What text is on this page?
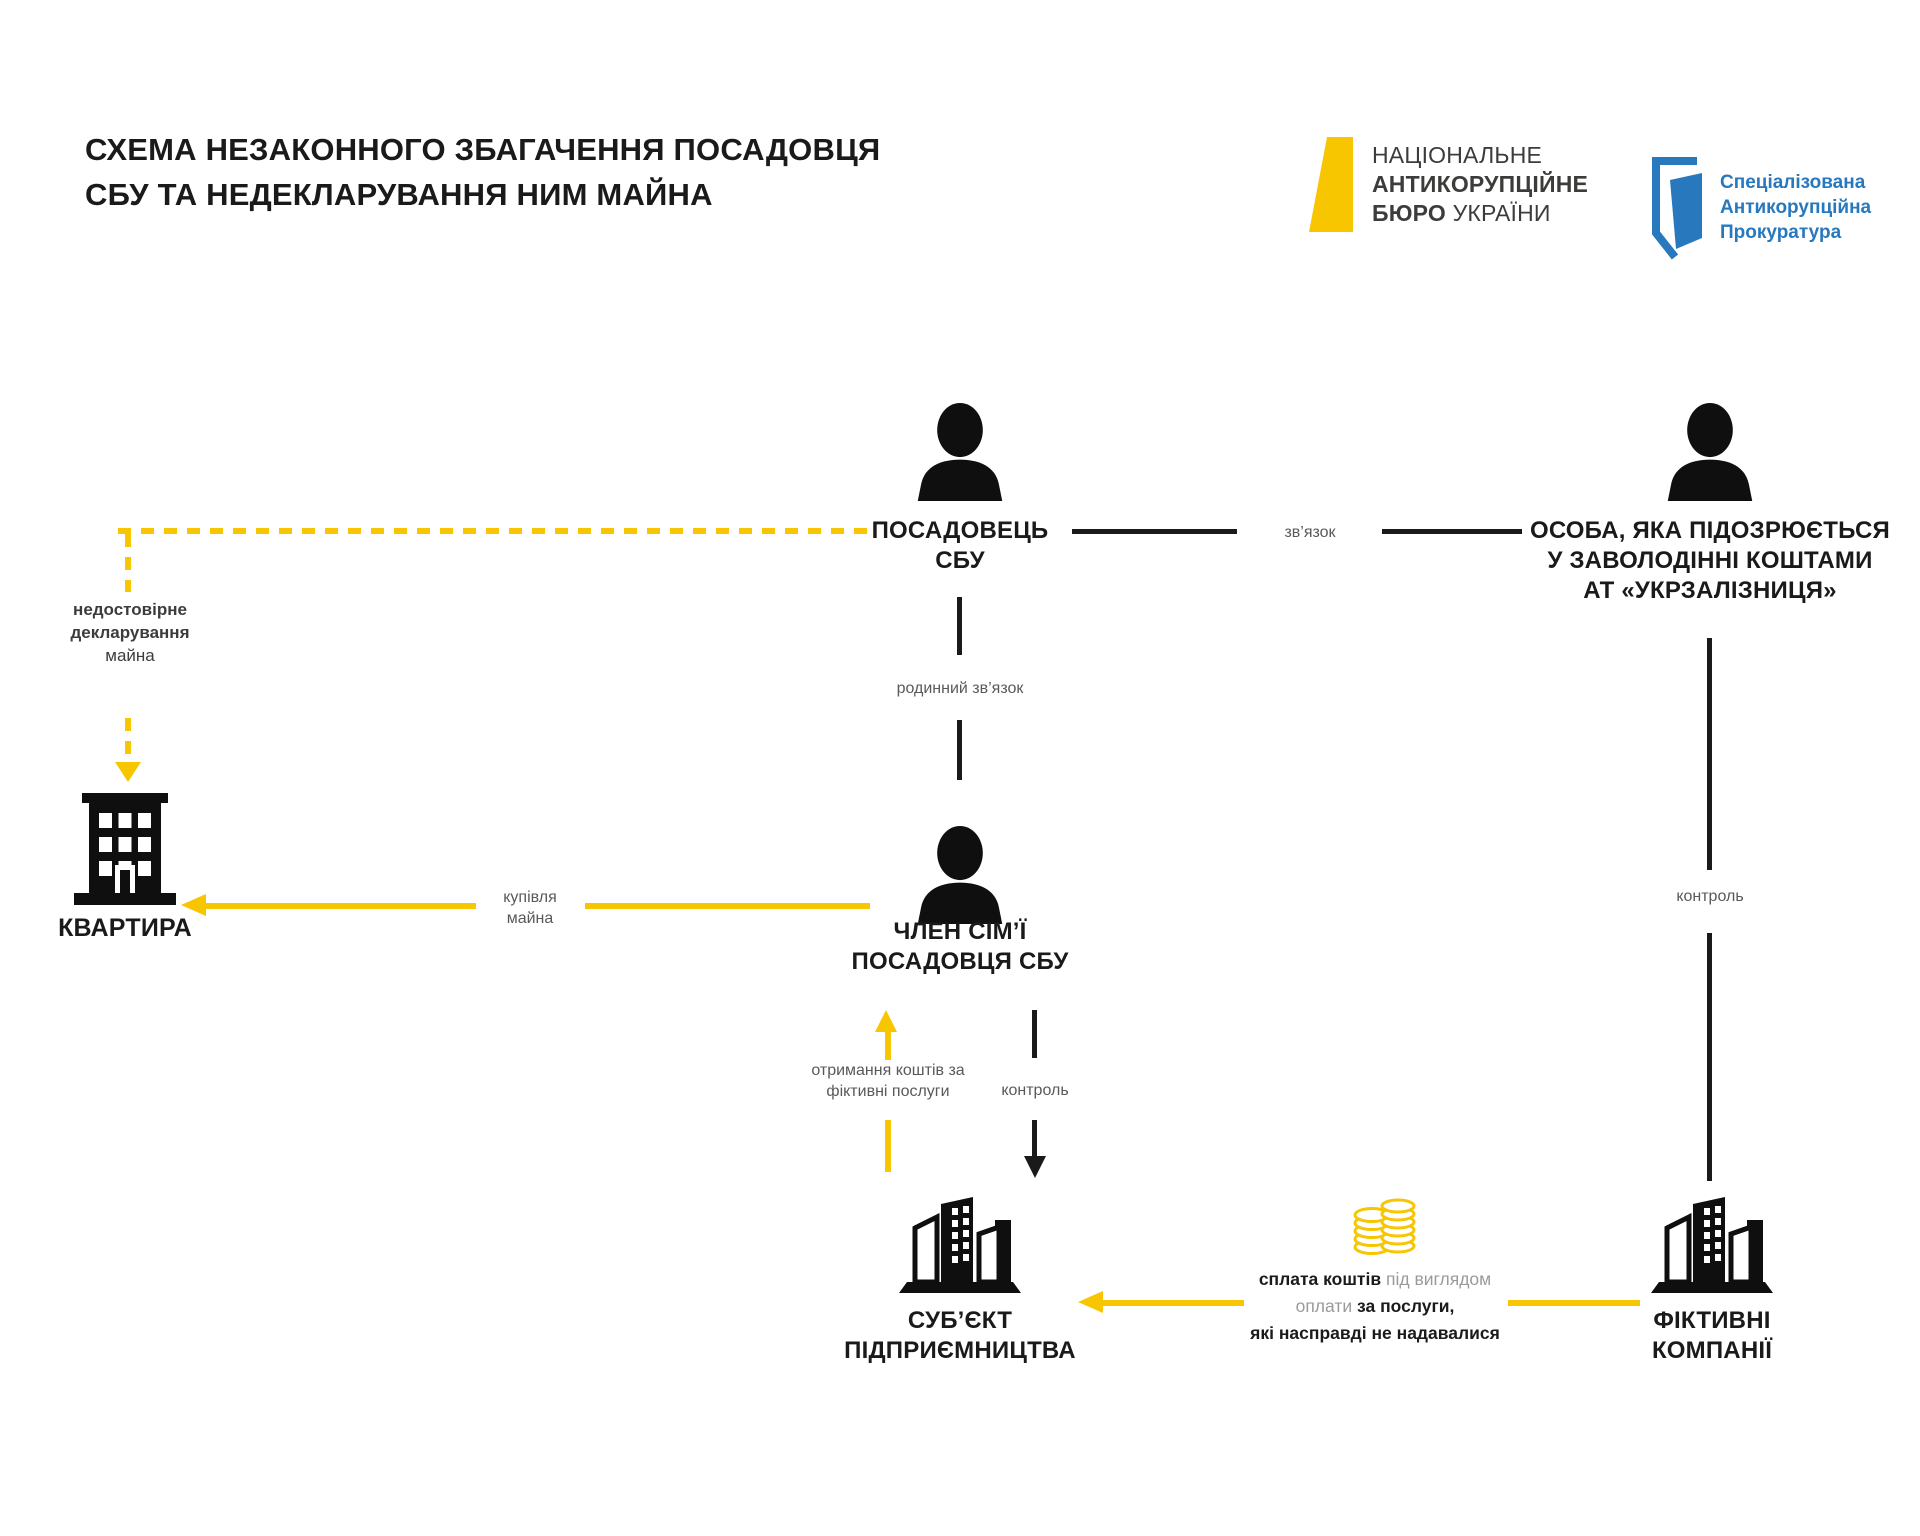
СХЕМА НЕЗАКОННОГО ЗБАГАЧЕННЯ ПОСАДОВЦЯ
СБУ ТА НЕДЕКЛАРУВАННЯ НИМ МАЙНА
НАЦІОНАЛЬНЕ
АНТИКОРУПЦІЙНЕ
БЮРО УКРАЇНИ
Спеціалізована
Антикорупційна
Прокуратура
ПОСАДОВЕЦЬ
СБУ
ОСОБА, ЯКА ПІДОЗРЮЄТЬСЯ
У ЗАВОЛОДІННІ КОШТАМИ
АТ «УКРЗАЛІЗНИЦЯ»
ЧЛЕН СІМ’Ї
ПОСАДОВЦЯ СБУ
КВАРТИРА
СУБ’ЄКТ
ПІДПРИЄМНИЦТВА
ФІКТИВНІ
КОМПАНІЇ
зв’язок
недостовірне
декларування
майна
купівля
майна
родинний зв’язок
отримання коштів за
фіктивні послуги	контроль
контроль
сплата коштів під виглядом
оплати за послуги,
які насправді не надавалися
